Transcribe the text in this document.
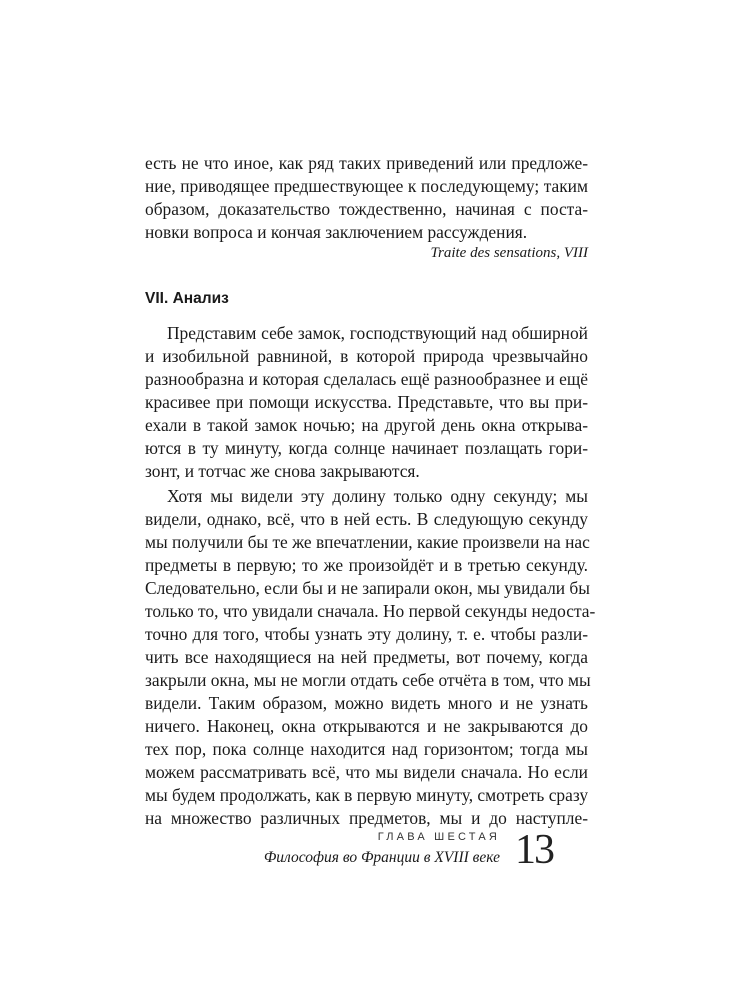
есть не что иное, как ряд таких приведений или предложе-
ние, приводящее предшествующее к последующему; таким
образом, доказательство тождественно, начиная с поста-
новки вопроса и кончая заключением рассуждения.
Traite des sensations, VIII
VII. Анализ
Представим себе замок, господствующий над обширной
и изобильной равниной, в которой природа чрезвычайно
разнообразна и которая сделалась ещё разнообразнее и ещё
красивее при помощи искусства. Представьте, что вы при-
ехали в такой замок ночью; на другой день окна открыва-
ются в ту минуту, когда солнце начинает позлащать гори-
зонт, и тотчас же снова закрываются.
Хотя мы видели эту долину только одну секунду; мы
видели, однако, всё, что в ней есть. В следующую секунду
мы получили бы те же впечатлении, какие произвели на нас
предметы в первую; то же произойдёт и в третью секунду.
Следовательно, если бы и не запирали окон, мы увидали бы
только то, что увидали сначала. Но первой секунды недоста-
точно для того, чтобы узнать эту долину, т. е. чтобы разли-
чить все находящиеся на ней предметы, вот почему, когда
закрыли окна, мы не могли отдать себе отчёта в том, что мы
видели. Таким образом, можно видеть много и не узнать
ничего. Наконец, окна открываются и не закрываются до
тех пор, пока солнце находится над горизонтом; тогда мы
можем рассматривать всё, что мы видели сначала. Но если
мы будем продолжать, как в первую минуту, смотреть сразу
на множество различных предметов, мы и до наступле-
ГЛАВА ШЕСТАЯ
Философия во Франции в XVIII веке 13
